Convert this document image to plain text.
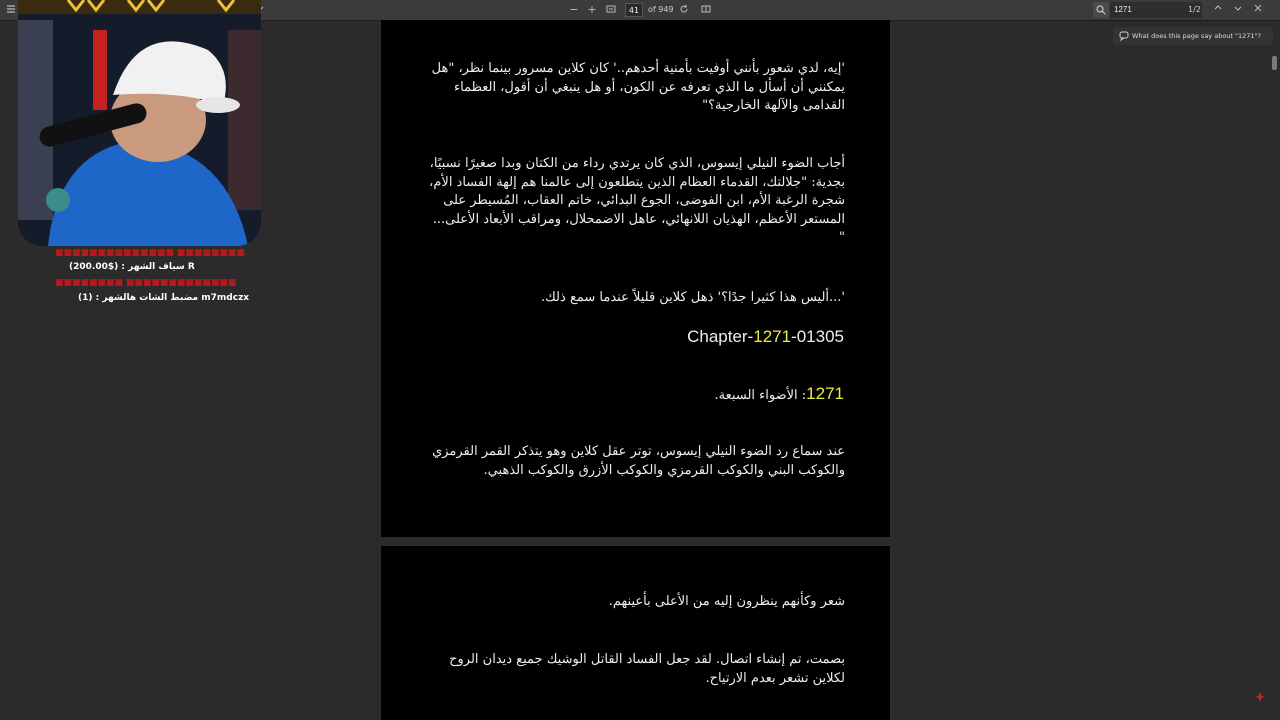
− +	41	of 949
1271	1/2
What does this page say about "1271"?

'إيه، لدي شعور بأنني أوفيت بأمنية أحدهم..' كان كلاين مسرور بينما نظر، "هل يمكنني أن أسأل ما الذي تعرفه عن الكون، أو هل ينبغي أن أقول، العظماء القدامى والآلهة الخارجية؟"

أجاب الضوء النيلي إيسوس، الذي كان يرتدي رداء من الكتان وبدا صغيرًا نسبيًا، بجدية: "جلالتك، القدماء العظام الذين يتطلعون إلى عالمنا هم إلهة الفساد الأم، شجرة الرغبة الأم، ابن الفوضى، الجوع البدائي، خاتم العقاب، المُسيطر على المستعر الأعظم، الهذيان اللانهائي، عاهل الاضمحلال، ومراقب الأبعاد الأعلى... "

'...أليس هذا كثيرا جدًا؟' ذهل كلاين قليلاً عندما سمع ذلك.

Chapter-1271-01305
1271: الأضواء السبعة.

عند سماع رد الضوء النيلي إيسوس، توتر عقل كلاين وهو يتذكر القمر القرمزي والكوكب البني والكوكب القرمزي والكوكب الأزرق والكوكب الذهبي.

شعر وكأنهم ينظرون إليه من الأعلى بأعينهم.

بصمت، تم إنشاء اتصال. لقد جعل الفساد القاتل الوشيك جميع ديدان الروح لكلاين تشعر بعدم الارتياح.

■■■■■■■■■■■■■■ ■■■■■■■■
سياف الشهر : ($200.00) R
■■■■■■■■ ■■■■■■■■■■■■■
مضبط الشات هالشهر : (1) m7mdczx
